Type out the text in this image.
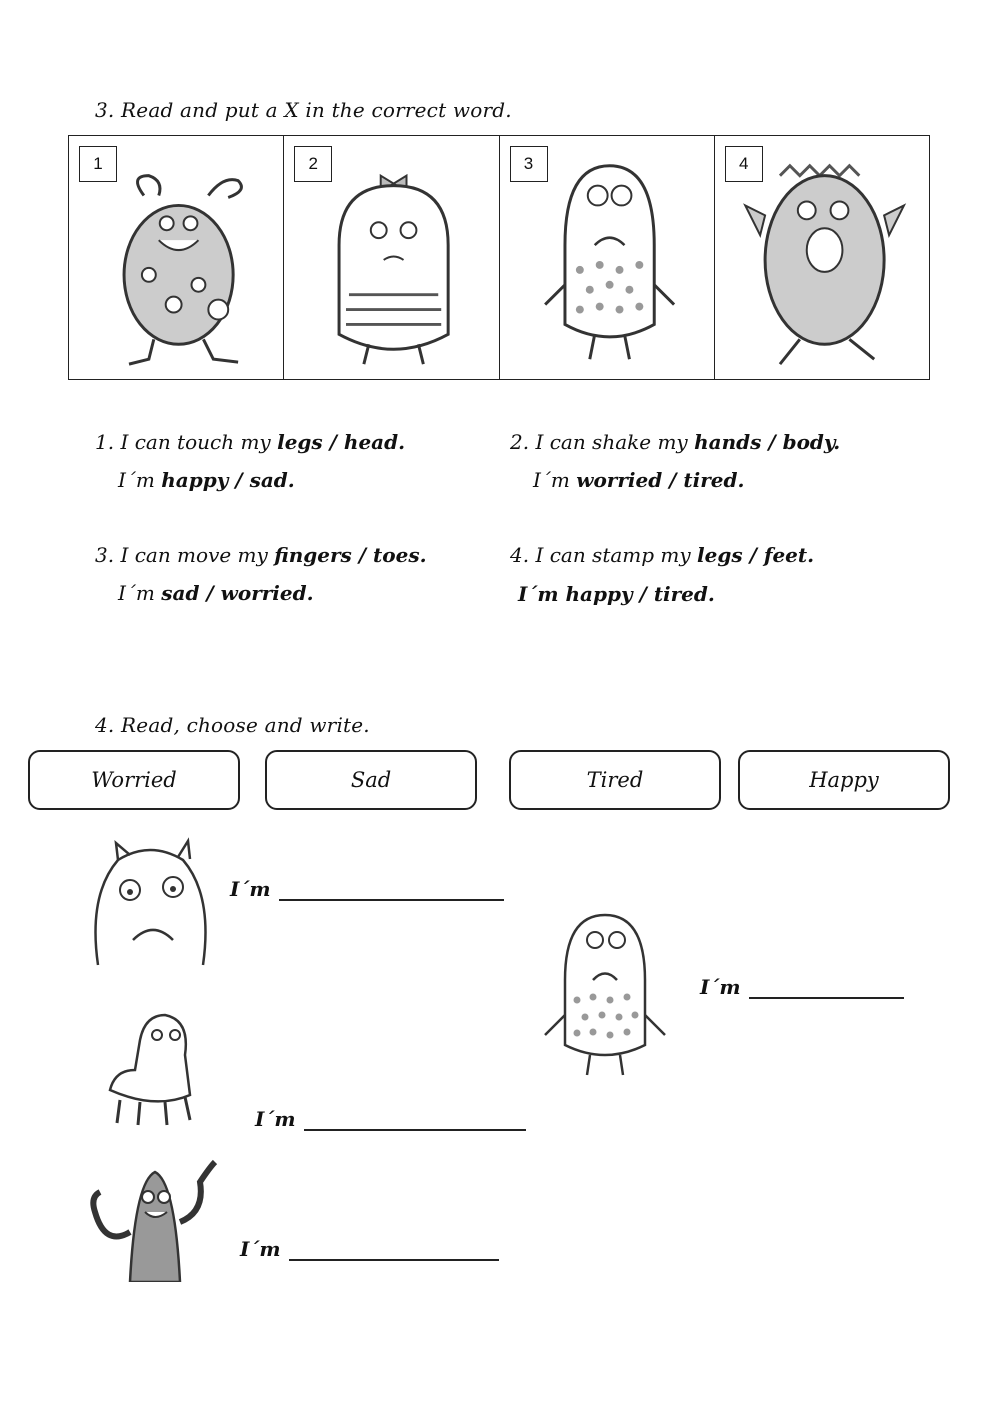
3. Read and put a X in the correct word.
1	2	3	4
1. I can touch my legs / head.
I´m happy / sad.
2. I can shake my hands / body.
I´m worried / tired.
3. I can move my fingers / toes.
I´m sad / worried.
4. I can stamp my legs / feet.
I´m happy / tired.
4. Read, choose and write.
Worried	Sad	Tired	Happy
I´m
I´m
I´m
I´m
